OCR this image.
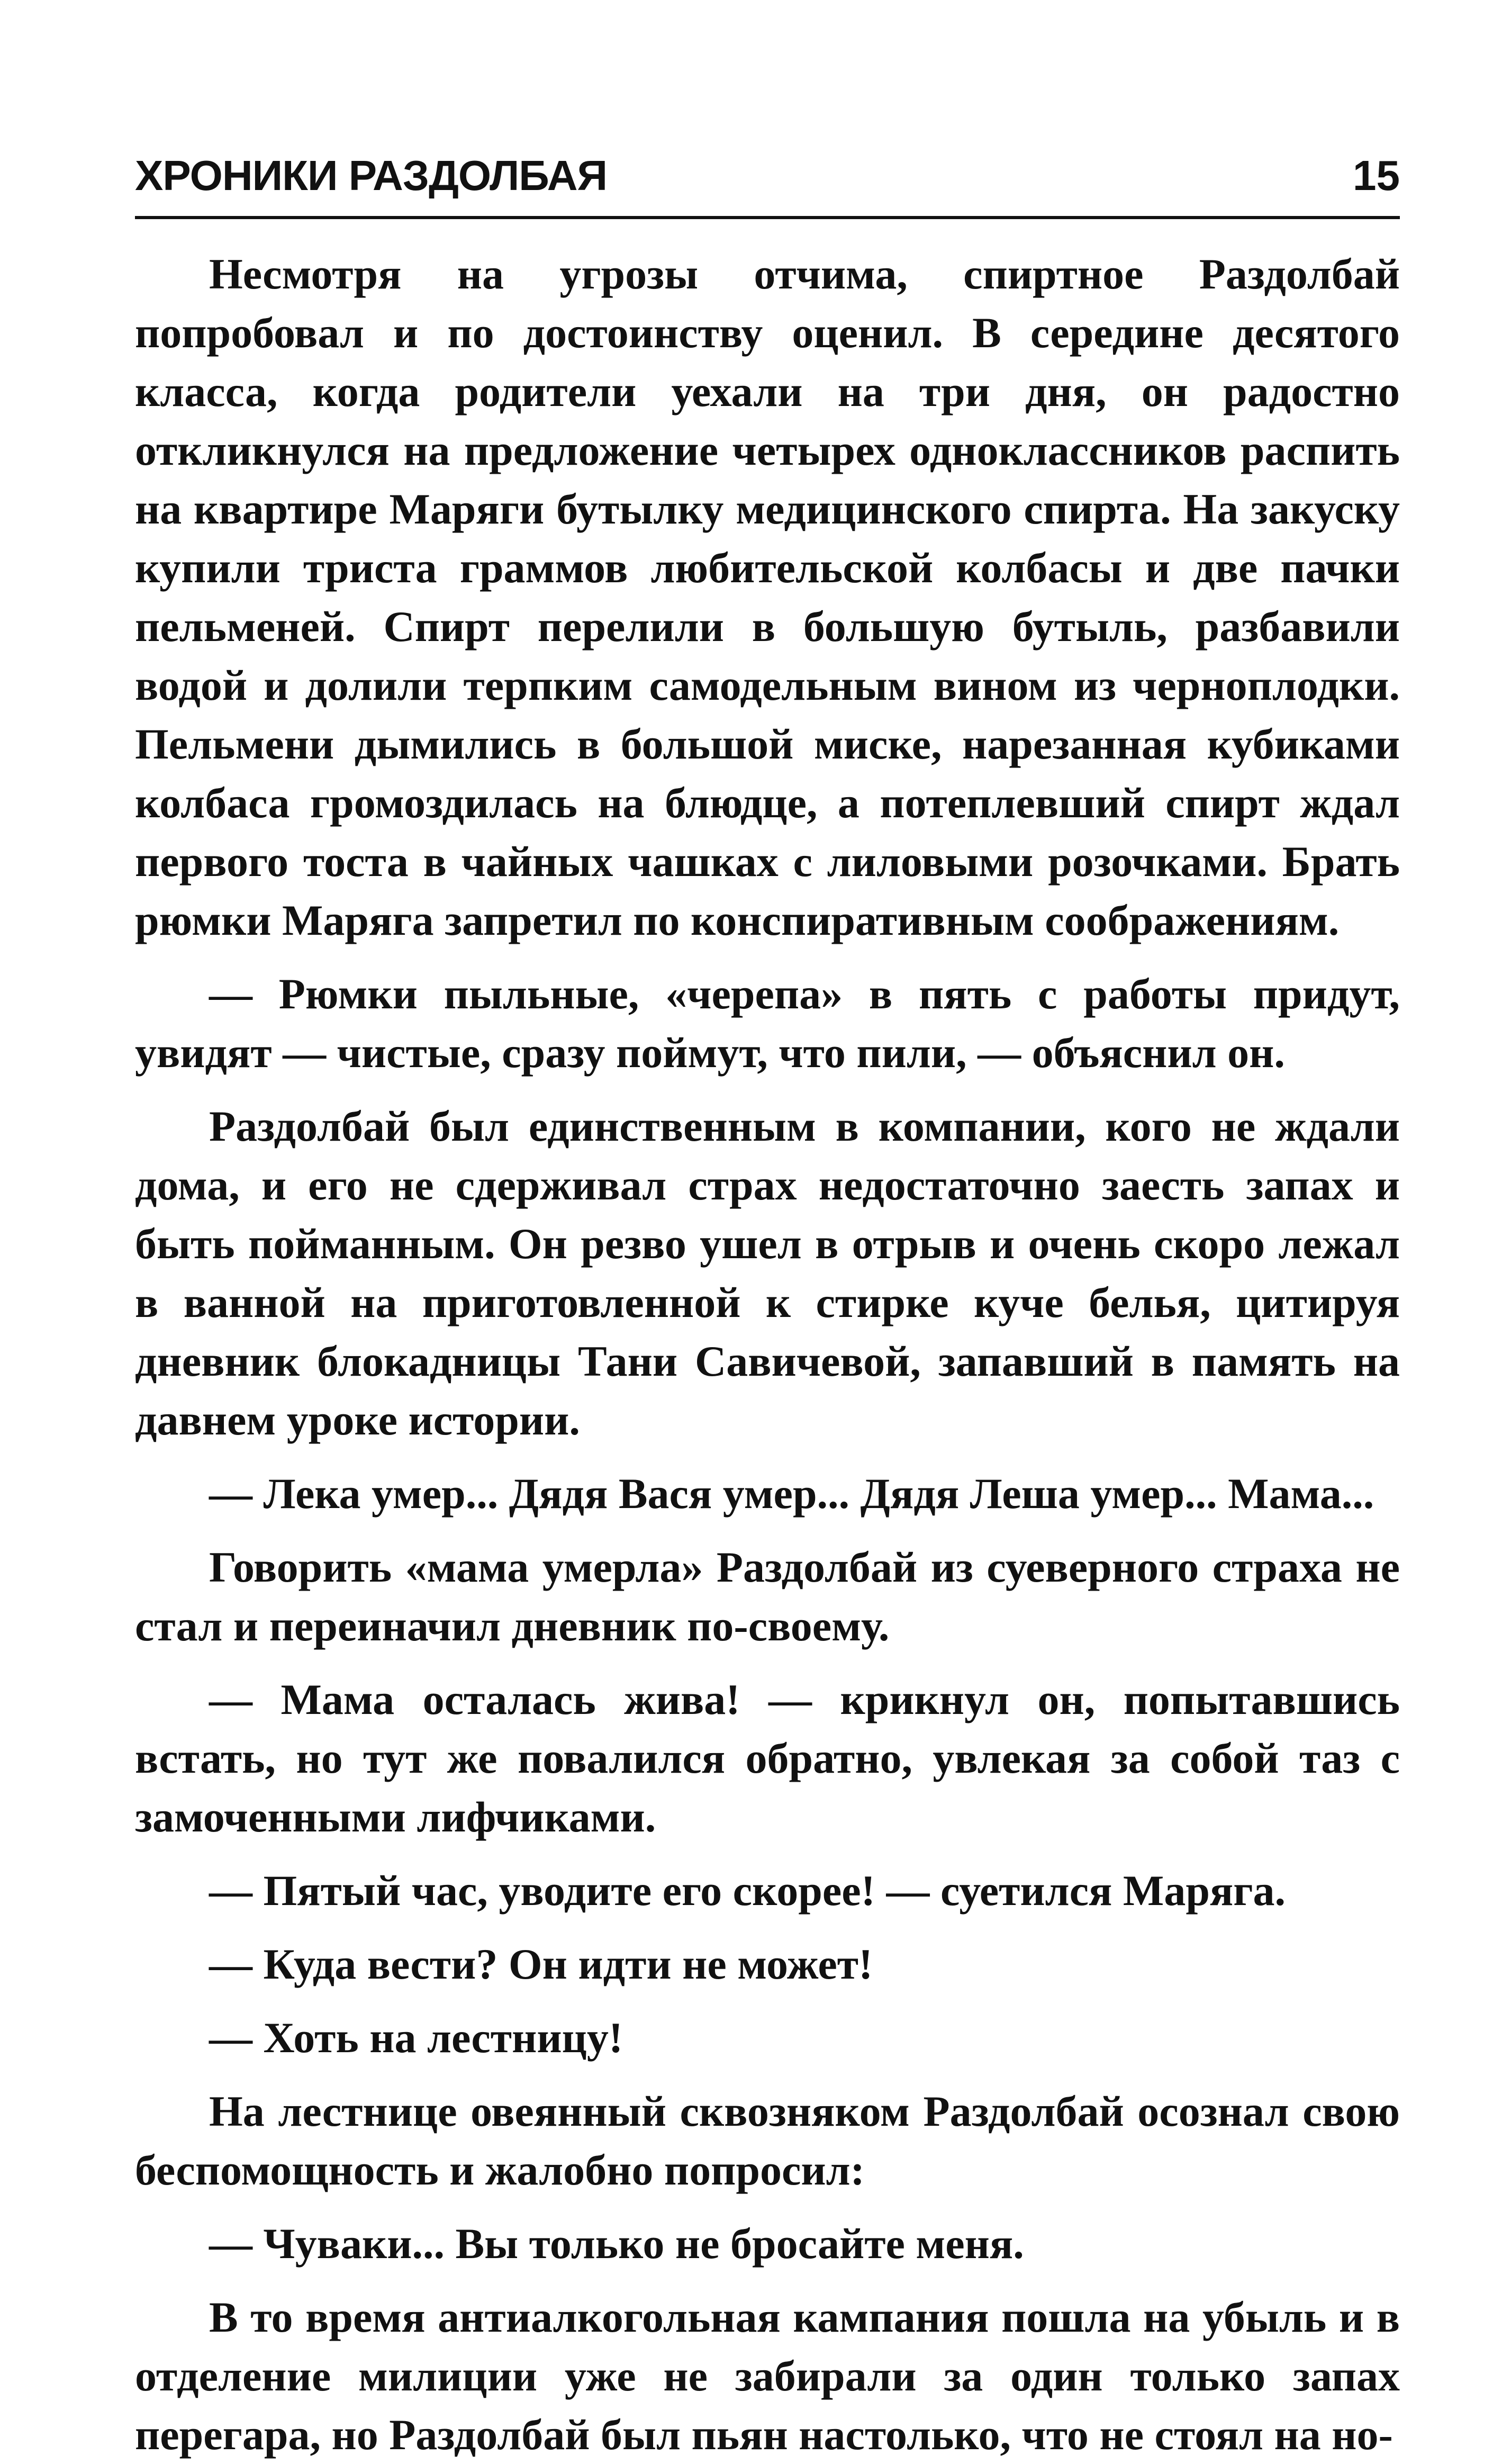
ХРОНИКИ РАЗДОЛБАЯ	15

Несмотря на угрозы отчима, спиртное Раздолбай попробовал и по достоинству оценил. В середине десятого класса, когда родители уехали на три дня, он радостно откликнулся на предложение четырех одноклассников распить на квартире Маряги бутылку медицинского спирта. На закуску купили триста граммов любительской колбасы и две пачки пельменей. Спирт перелили в большую бутыль, разбавили водой и долили терпким самодельным вином из черноплодки. Пельмени дымились в большой миске, нарезанная кубиками колбаса громоздилась на блюдце, а потеплевший спирт ждал первого тоста в чайных чашках с лиловыми розочками. Брать рюмки Маряга запретил по конспиративным соображениям.

— Рюмки пыльные, «черепа» в пять с работы придут, увидят — чистые, сразу поймут, что пили, — объяснил он.

Раздолбай был единственным в компании, кого не ждали дома, и его не сдерживал страх недостаточно заесть запах и быть пойманным. Он резво ушел в отрыв и очень скоро лежал в ванной на приготовленной к стирке куче белья, цитируя дневник блокадницы Тани Савичевой, запавший в память на давнем уроке истории.

— Лека умер... Дядя Вася умер... Дядя Леша умер... Мама...

Говорить «мама умерла» Раздолбай из суеверного страха не стал и переиначил дневник по-своему.

— Мама осталась жива! — крикнул он, попытавшись встать, но тут же повалился обратно, увлекая за собой таз с замоченными лифчиками.

— Пятый час, уводите его скорее! — суетился Маряга.

— Куда вести? Он идти не может!

— Хоть на лестницу!

На лестнице овеянный сквозняком Раздолбай осознал свою беспомощность и жалобно попросил:

— Чуваки... Вы только не бросайте меня.

В то время антиалкогольная кампания пошла на убыль и в отделение милиции уже не забирали за один только запах перегара, но Раздолбай был пьян настолько, что не стоял на но-
